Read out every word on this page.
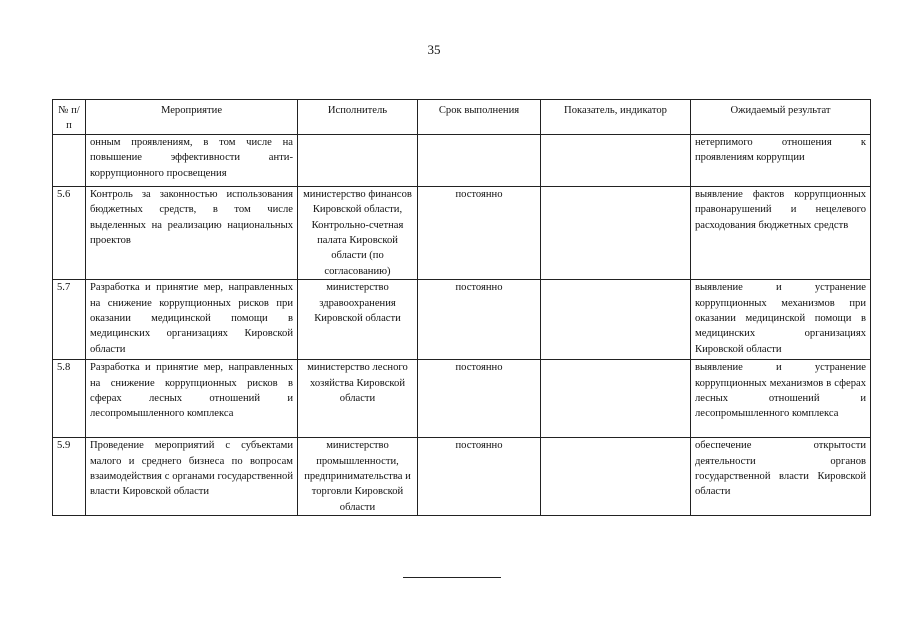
35
№ п/п	Мероприятие	Исполнитель	Срок выполнения	Показатель, индикатор	Ожидаемый результат
	онным проявлениям, в том числе на повышение эффективности анти-коррупционного просвещения				нетерпимого отношения к проявлениям коррупции
5.6	Контроль за законностью использования бюджетных средств, в том числе выделенных на реализацию национальных проектов	министерство финансов Кировской области, Контрольно-счетная палата Кировской области (по согласованию)	постоянно		выявление фактов коррупционных правонарушений и нецелевого расходования бюджетных средств
5.7	Разработка и принятие мер, направленных на снижение коррупционных рисков при оказании медицинской помощи в медицинских организациях Кировской области	министерство здравоохранения Кировской области	постоянно		выявление и устранение коррупционных механизмов при оказании медицинской помощи в медицинских организациях Кировской области
5.8	Разработка и принятие мер, направленных на снижение коррупционных рисков в сферах лесных отношений и лесопромышленного комплекса	министерство лесного хозяйства Кировской области	постоянно		выявление и устранение коррупционных механизмов в сферах лесных отношений и лесопромышленного комплекса
5.9	Проведение мероприятий с субъектами малого и среднего бизнеса по вопросам взаимодействия с органами государственной власти Кировской области	министерство промышленности, предпринимательства и торговли Кировской области	постоянно		обеспечение открытости деятельности органов государственной власти Кировской области
